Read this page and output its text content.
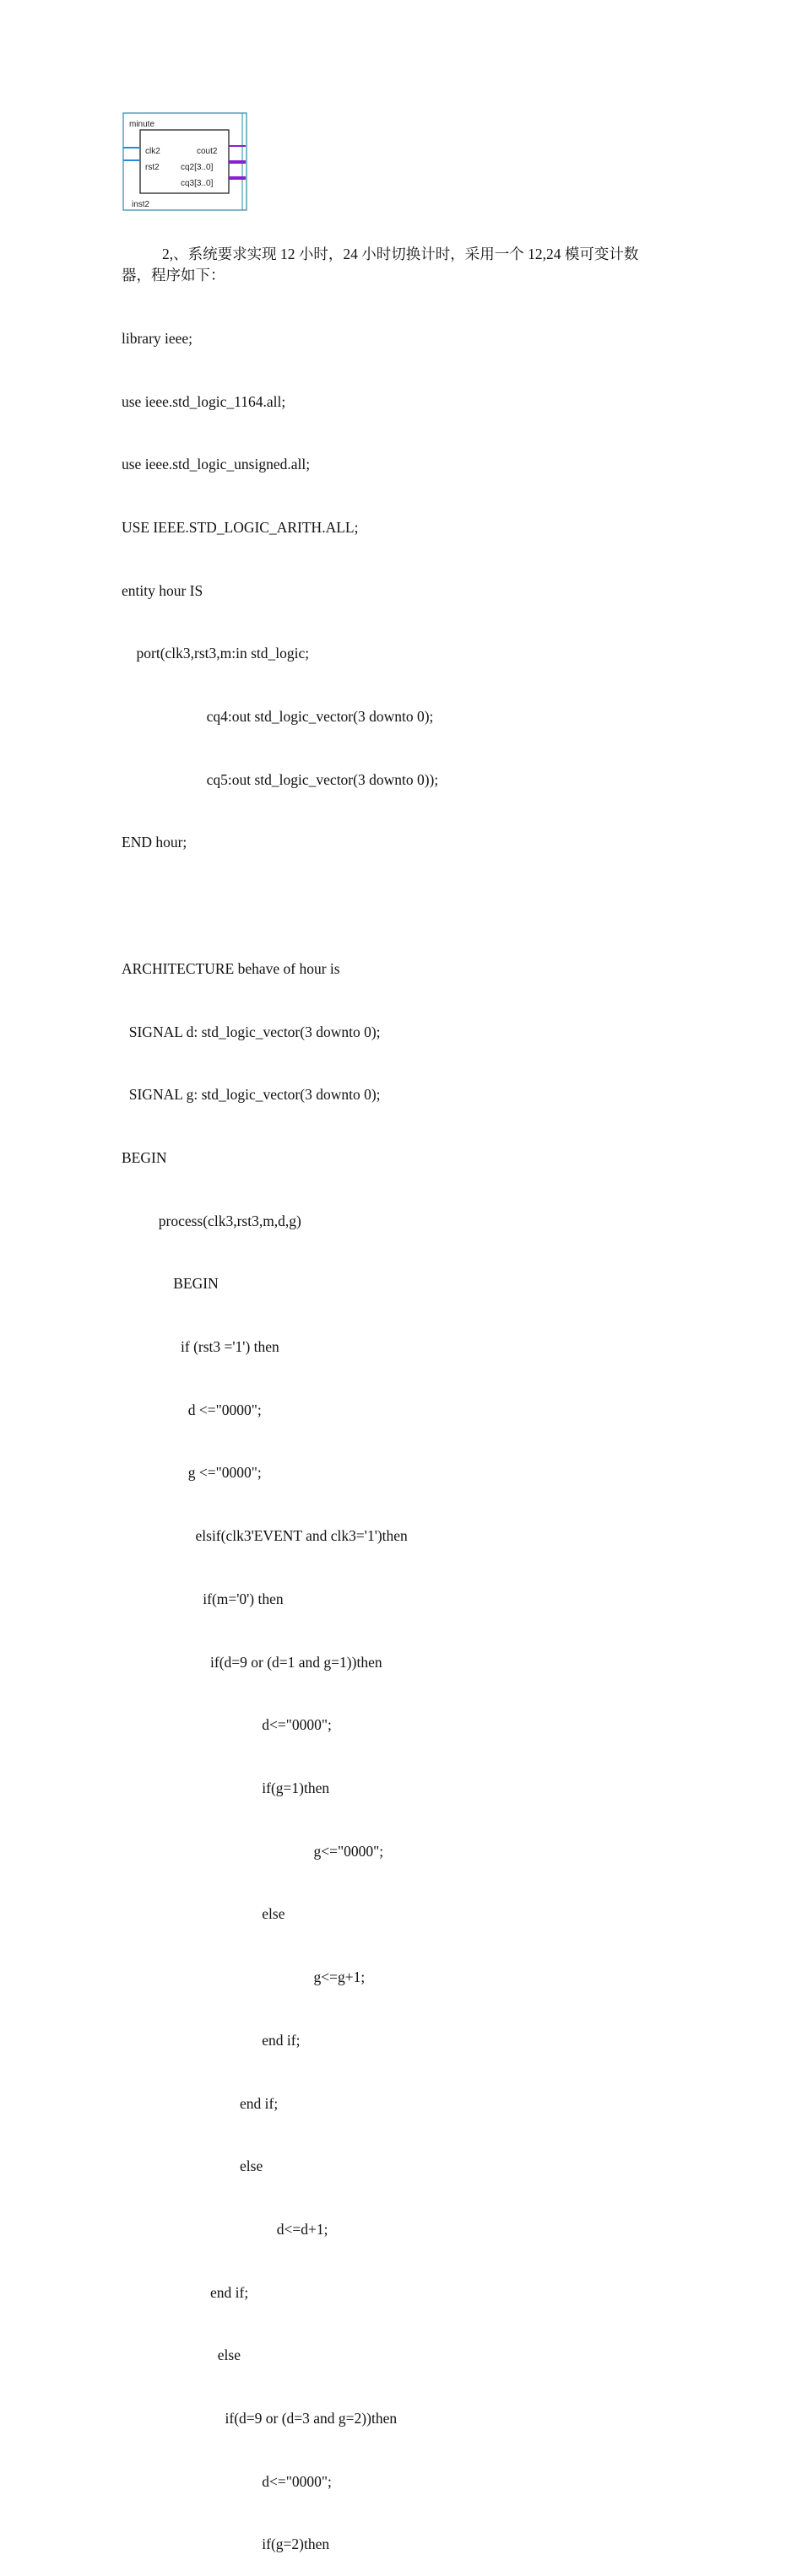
minute
clk2
rst2
cout2
cq2[3..0]
cq3[3..0]
inst2
2,、系统要求实现 12 小时，24 小时切换计时，采用一个 12,24 模可变计数
器，程序如下：

library ieee;

use ieee.std_logic_1164.all;

use ieee.std_logic_unsigned.all;

USE IEEE.STD_LOGIC_ARITH.ALL;

entity hour IS

port(clk3,rst3,m:in std_logic;

cq4:out std_logic_vector(3 downto 0);

cq5:out std_logic_vector(3 downto 0));

END hour;

ARCHITECTURE behave of hour is

SIGNAL d: std_logic_vector(3 downto 0);

SIGNAL g: std_logic_vector(3 downto 0);

BEGIN

process(clk3,rst3,m,d,g)

BEGIN

if (rst3 ='1') then

d <="0000";

g <="0000";

elsif(clk3'EVENT and clk3='1')then

if(m='0') then

if(d=9 or (d=1 and g=1))then

d<="0000";

if(g=1)then

g<="0000";

else

g<=g+1;

end if;

end if;

else

d<=d+1;

end if;

else

if(d=9 or (d=3 and g=2))then

d<="0000";

if(g=2)then
